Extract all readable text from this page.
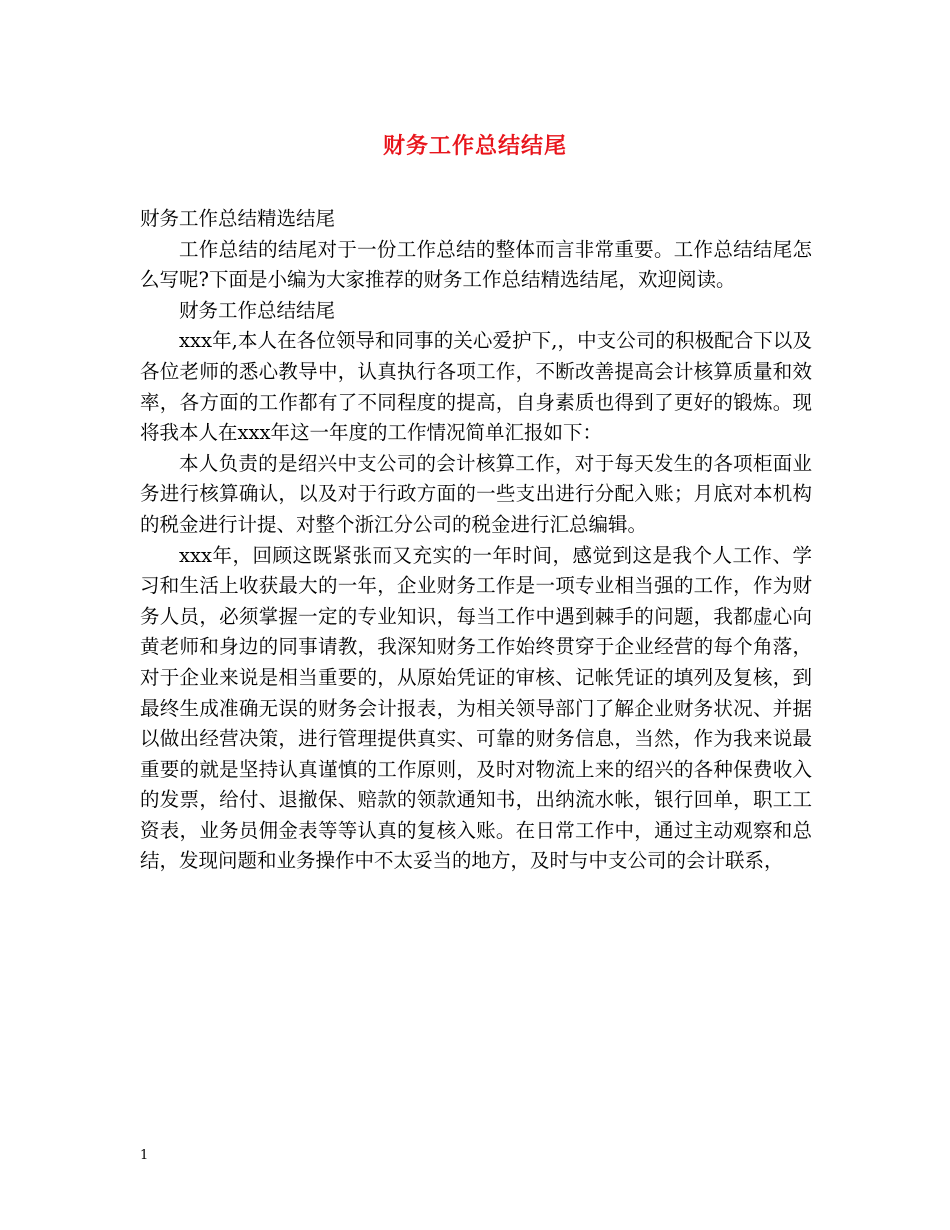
财务工作总结结尾

财务工作总结精选结尾

工作总结的结尾对于一份工作总结的整体而言非常重要。工作总结结尾怎么写呢?下面是小编为大家推荐的财务工作总结精选结尾，欢迎阅读。

财务工作总结结尾

xxx年,本人在各位领导和同事的关心爱护下,，中支公司的积极配合下以及各位老师的悉心教导中，认真执行各项工作，不断改善提高会计核算质量和效率，各方面的工作都有了不同程度的提高，自身素质也得到了更好的锻炼。现将我本人在xxx年这一年度的工作情况简单汇报如下：

本人负责的是绍兴中支公司的会计核算工作，对于每天发生的各项柜面业务进行核算确认，以及对于行政方面的一些支出进行分配入账；月底对本机构的税金进行计提、对整个浙江分公司的税金进行汇总编辑。

xxx年，回顾这既紧张而又充实的一年时间，感觉到这是我个人工作、学习和生活上收获最大的一年，企业财务工作是一项专业相当强的工作，作为财务人员，必须掌握一定的专业知识，每当工作中遇到棘手的问题，我都虚心向黄老师和身边的同事请教，我深知财务工作始终贯穿于企业经营的每个角落，对于企业来说是相当重要的，从原始凭证的审核、记帐凭证的填列及复核，到最终生成准确无误的财务会计报表，为相关领导部门了解企业财务状况、并据以做出经营决策，进行管理提供真实、可靠的财务信息，当然，作为我来说最重要的就是坚持认真谨慎的工作原则，及时对物流上来的绍兴的各种保费收入的发票，给付、退撤保、赔款的领款通知书，出纳流水帐，银行回单，职工工资表，业务员佣金表等等认真的复核入账。在日常工作中，通过主动观察和总结，发现问题和业务操作中不太妥当的地方，及时与中支公司的会计联系，

1
